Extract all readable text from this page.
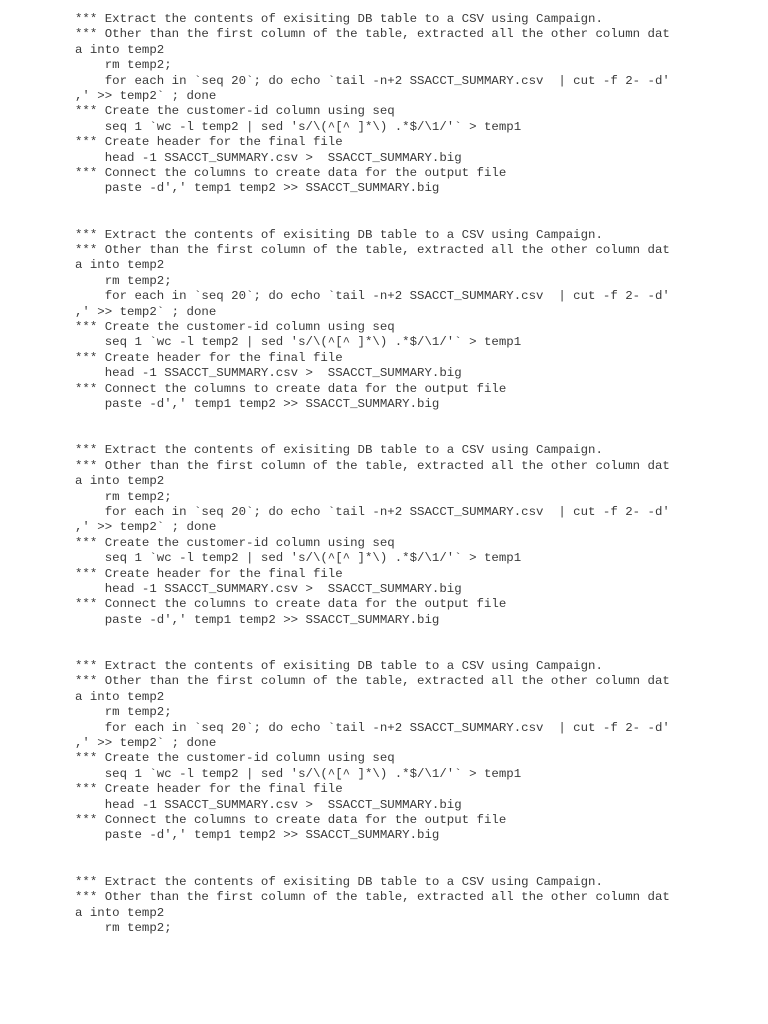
*** Extract the contents of exisiting DB table to a CSV using Campaign.
*** Other than the first column of the table, extracted all the other column dat
a into temp2
rm temp2;
for each in `seq 20`; do echo `tail -n+2 SSACCT_SUMMARY.csv  | cut -f 2- -d'
,' >> temp2` ; done
*** Create the customer-id column using seq
seq 1 `wc -l temp2 | sed 's/\(^[^ ]*\) .*$/\1/'` > temp1
*** Create header for the final file
head -1 SSACCT_SUMMARY.csv >  SSACCT_SUMMARY.big
*** Connect the columns to create data for the output file
paste -d',' temp1 temp2 >> SSACCT_SUMMARY.big
*** Extract the contents of exisiting DB table to a CSV using Campaign.
*** Other than the first column of the table, extracted all the other column dat
a into temp2
rm temp2;
for each in `seq 20`; do echo `tail -n+2 SSACCT_SUMMARY.csv  | cut -f 2- -d'
,' >> temp2` ; done
*** Create the customer-id column using seq
seq 1 `wc -l temp2 | sed 's/\(^[^ ]*\) .*$/\1/'` > temp1
*** Create header for the final file
head -1 SSACCT_SUMMARY.csv >  SSACCT_SUMMARY.big
*** Connect the columns to create data for the output file
paste -d',' temp1 temp2 >> SSACCT_SUMMARY.big
*** Extract the contents of exisiting DB table to a CSV using Campaign.
*** Other than the first column of the table, extracted all the other column dat
a into temp2
rm temp2;
for each in `seq 20`; do echo `tail -n+2 SSACCT_SUMMARY.csv  | cut -f 2- -d'
,' >> temp2` ; done
*** Create the customer-id column using seq
seq 1 `wc -l temp2 | sed 's/\(^[^ ]*\) .*$/\1/'` > temp1
*** Create header for the final file
head -1 SSACCT_SUMMARY.csv >  SSACCT_SUMMARY.big
*** Connect the columns to create data for the output file
paste -d',' temp1 temp2 >> SSACCT_SUMMARY.big
*** Extract the contents of exisiting DB table to a CSV using Campaign.
*** Other than the first column of the table, extracted all the other column dat
a into temp2
rm temp2;
for each in `seq 20`; do echo `tail -n+2 SSACCT_SUMMARY.csv  | cut -f 2- -d'
,' >> temp2` ; done
*** Create the customer-id column using seq
seq 1 `wc -l temp2 | sed 's/\(^[^ ]*\) .*$/\1/'` > temp1
*** Create header for the final file
head -1 SSACCT_SUMMARY.csv >  SSACCT_SUMMARY.big
*** Connect the columns to create data for the output file
paste -d',' temp1 temp2 >> SSACCT_SUMMARY.big
*** Extract the contents of exisiting DB table to a CSV using Campaign.
*** Other than the first column of the table, extracted all the other column dat
a into temp2
rm temp2;
